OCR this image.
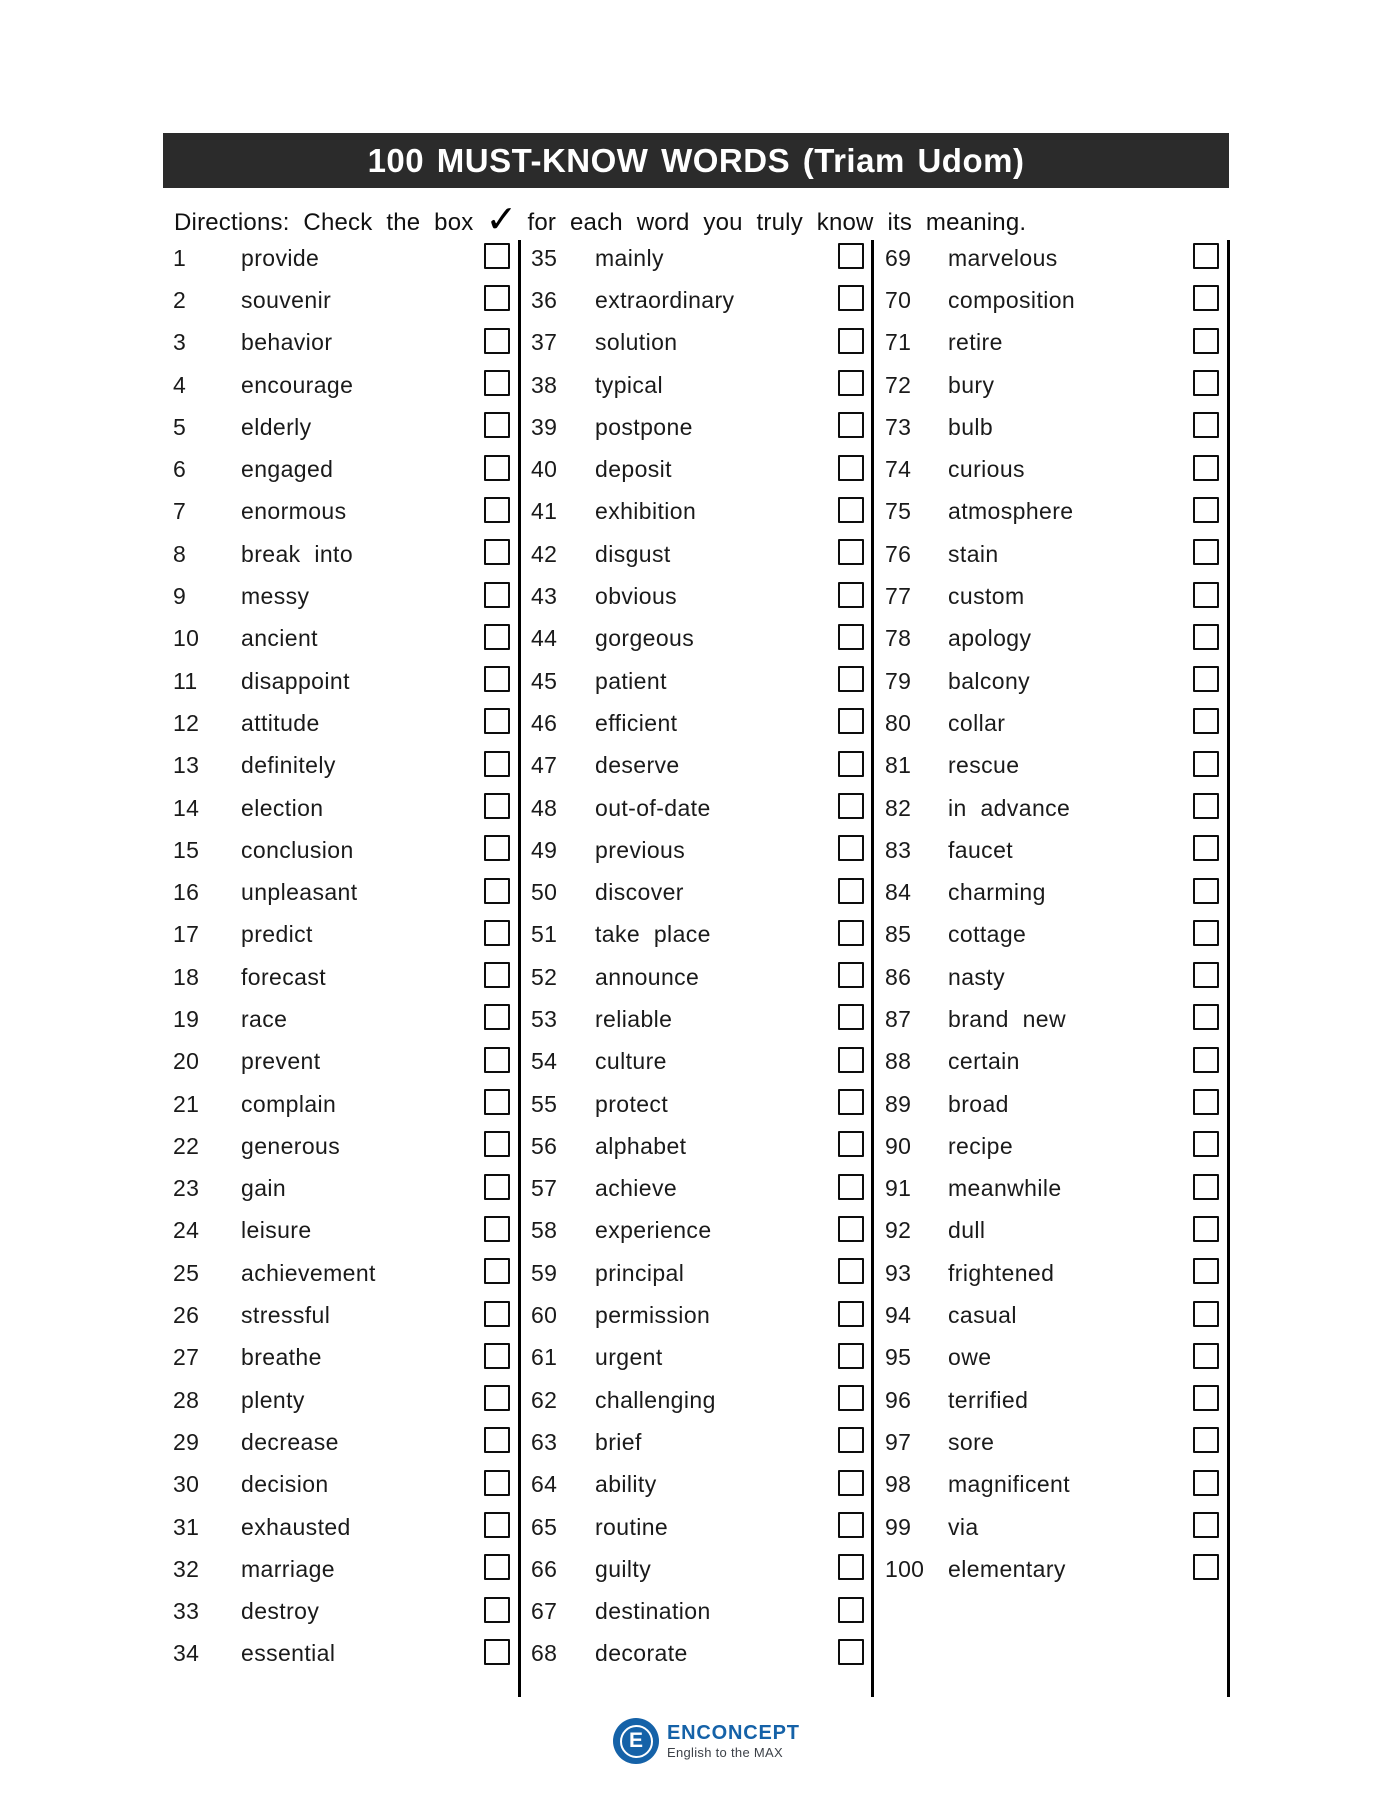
100 MUST-KNOW WORDS (Triam Udom)

Directions: Check the box ✓ for each word you truly know its meaning.

1	provide
2	souvenir
3	behavior
4	encourage
5	elderly
6	engaged
7	enormous
8	break into
9	messy
10	ancient
11	disappoint
12	attitude
13	definitely
14	election
15	conclusion
16	unpleasant
17	predict
18	forecast
19	race
20	prevent
21	complain
22	generous
23	gain
24	leisure
25	achievement
26	stressful
27	breathe
28	plenty
29	decrease
30	decision
31	exhausted
32	marriage
33	destroy
34	essential
35	mainly
36	extraordinary
37	solution
38	typical
39	postpone
40	deposit
41	exhibition
42	disgust
43	obvious
44	gorgeous
45	patient
46	efficient
47	deserve
48	out-of-date
49	previous
50	discover
51	take place
52	announce
53	reliable
54	culture
55	protect
56	alphabet
57	achieve
58	experience
59	principal
60	permission
61	urgent
62	challenging
63	brief
64	ability
65	routine
66	guilty
67	destination
68	decorate
69	marvelous
70	composition
71	retire
72	bury
73	bulb
74	curious
75	atmosphere
76	stain
77	custom
78	apology
79	balcony
80	collar
81	rescue
82	in advance
83	faucet
84	charming
85	cottage
86	nasty
87	brand new
88	certain
89	broad
90	recipe
91	meanwhile
92	dull
93	frightened
94	casual
95	owe
96	terrified
97	sore
98	magnificent
99	via
100	elementary
E	ENCONCEPT
English to the MAX
